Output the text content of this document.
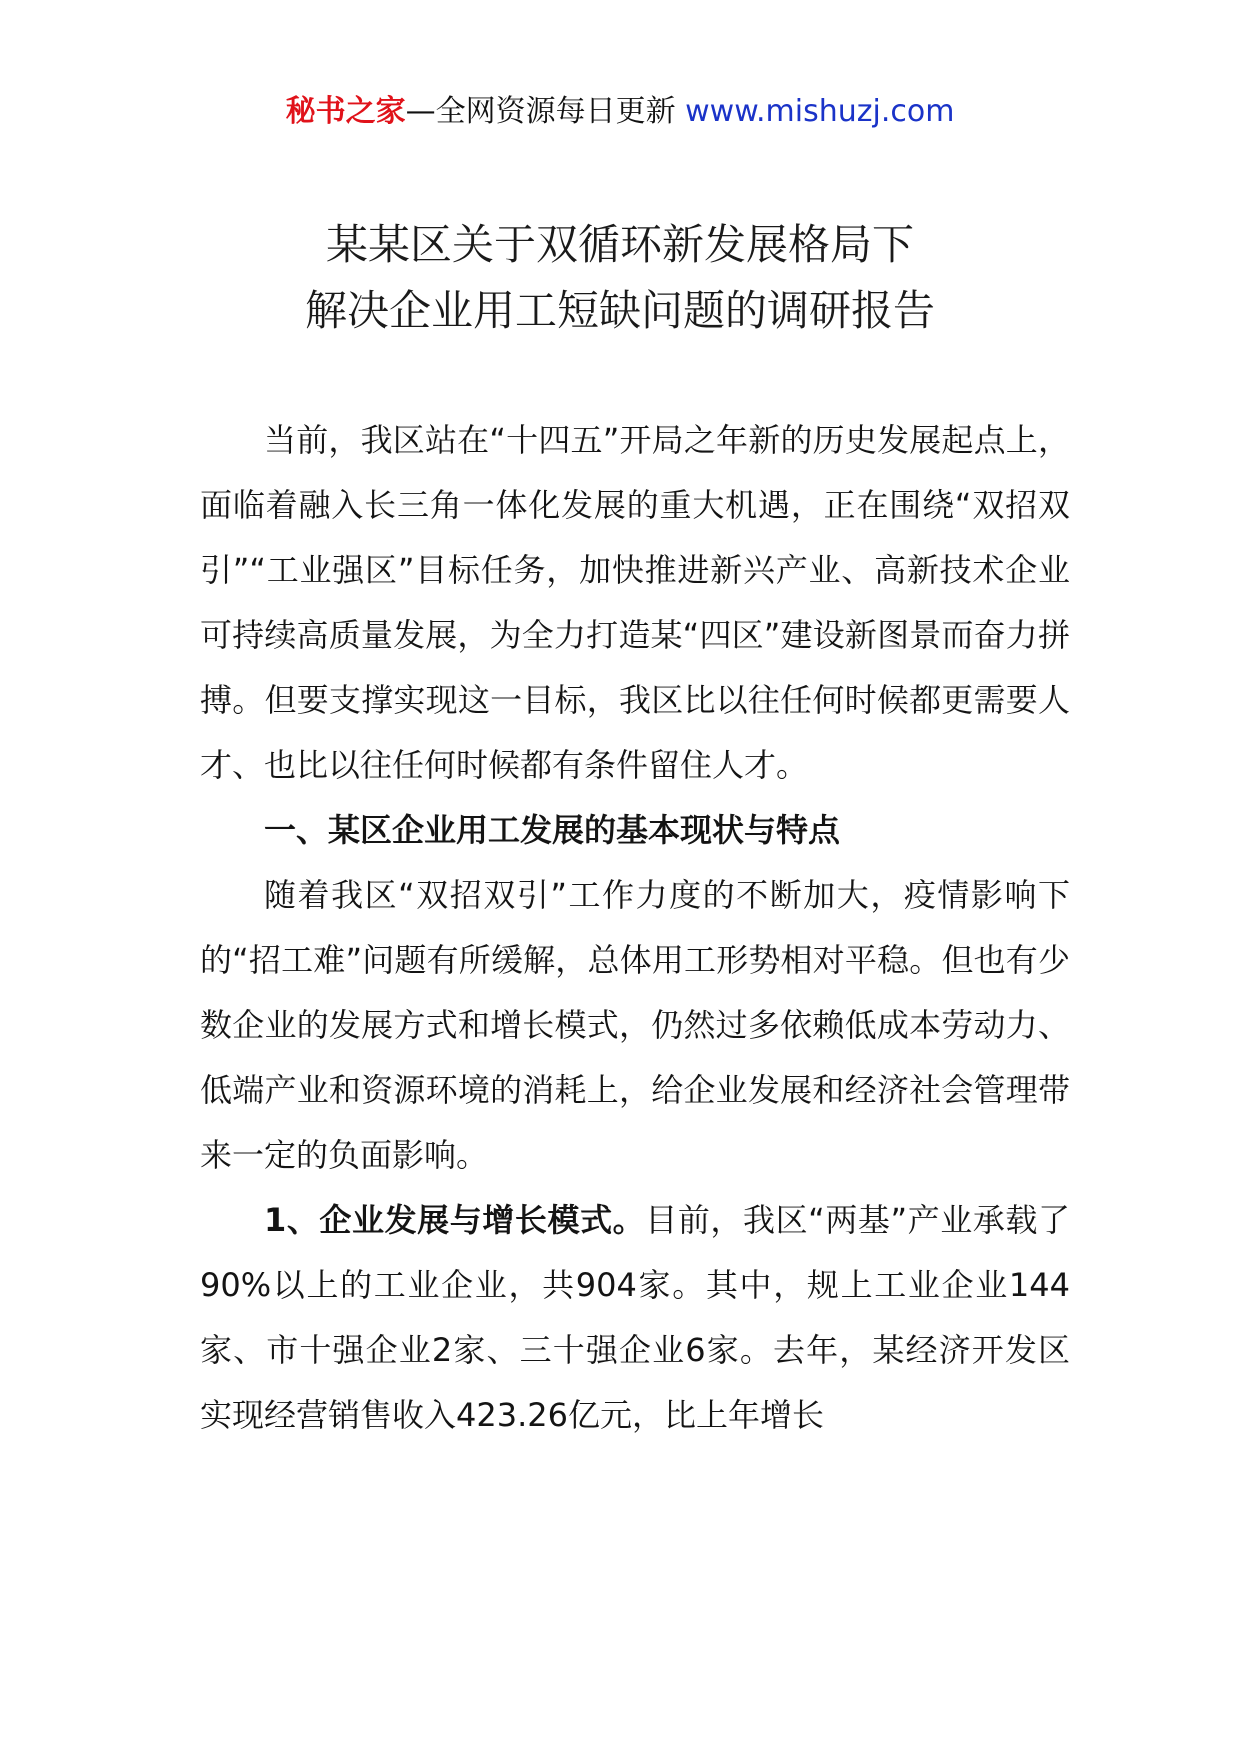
秘书之家—全网资源每日更新 www.mishuzj.com
某某区关于双循环新发展格局下
解决企业用工短缺问题的调研报告

当前，我区站在“十四五”开局之年新的历史发展起点上，面临着融入长三角一体化发展的重大机遇，正在围绕“双招双引”“工业强区”目标任务，加快推进新兴产业、高新技术企业可持续高质量发展，为全力打造某“四区”建设新图景而奋力拼搏。但要支撑实现这一目标，我区比以往任何时候都更需要人才、也比以往任何时候都有条件留住人才。

一、某区企业用工发展的基本现状与特点

随着我区“双招双引”工作力度的不断加大，疫情影响下的“招工难”问题有所缓解，总体用工形势相对平稳。但也有少数企业的发展方式和增长模式，仍然过多依赖低成本劳动力、低端产业和资源环境的消耗上，给企业发展和经济社会管理带来一定的负面影响。

1、企业发展与增长模式。目前，我区“两基”产业承载了90%以上的工业企业，共904家。其中，规上工业企业144家、市十强企业2家、三十强企业6家。去年，某经济开发区实现经营销售收入423.26亿元，比上年增长
